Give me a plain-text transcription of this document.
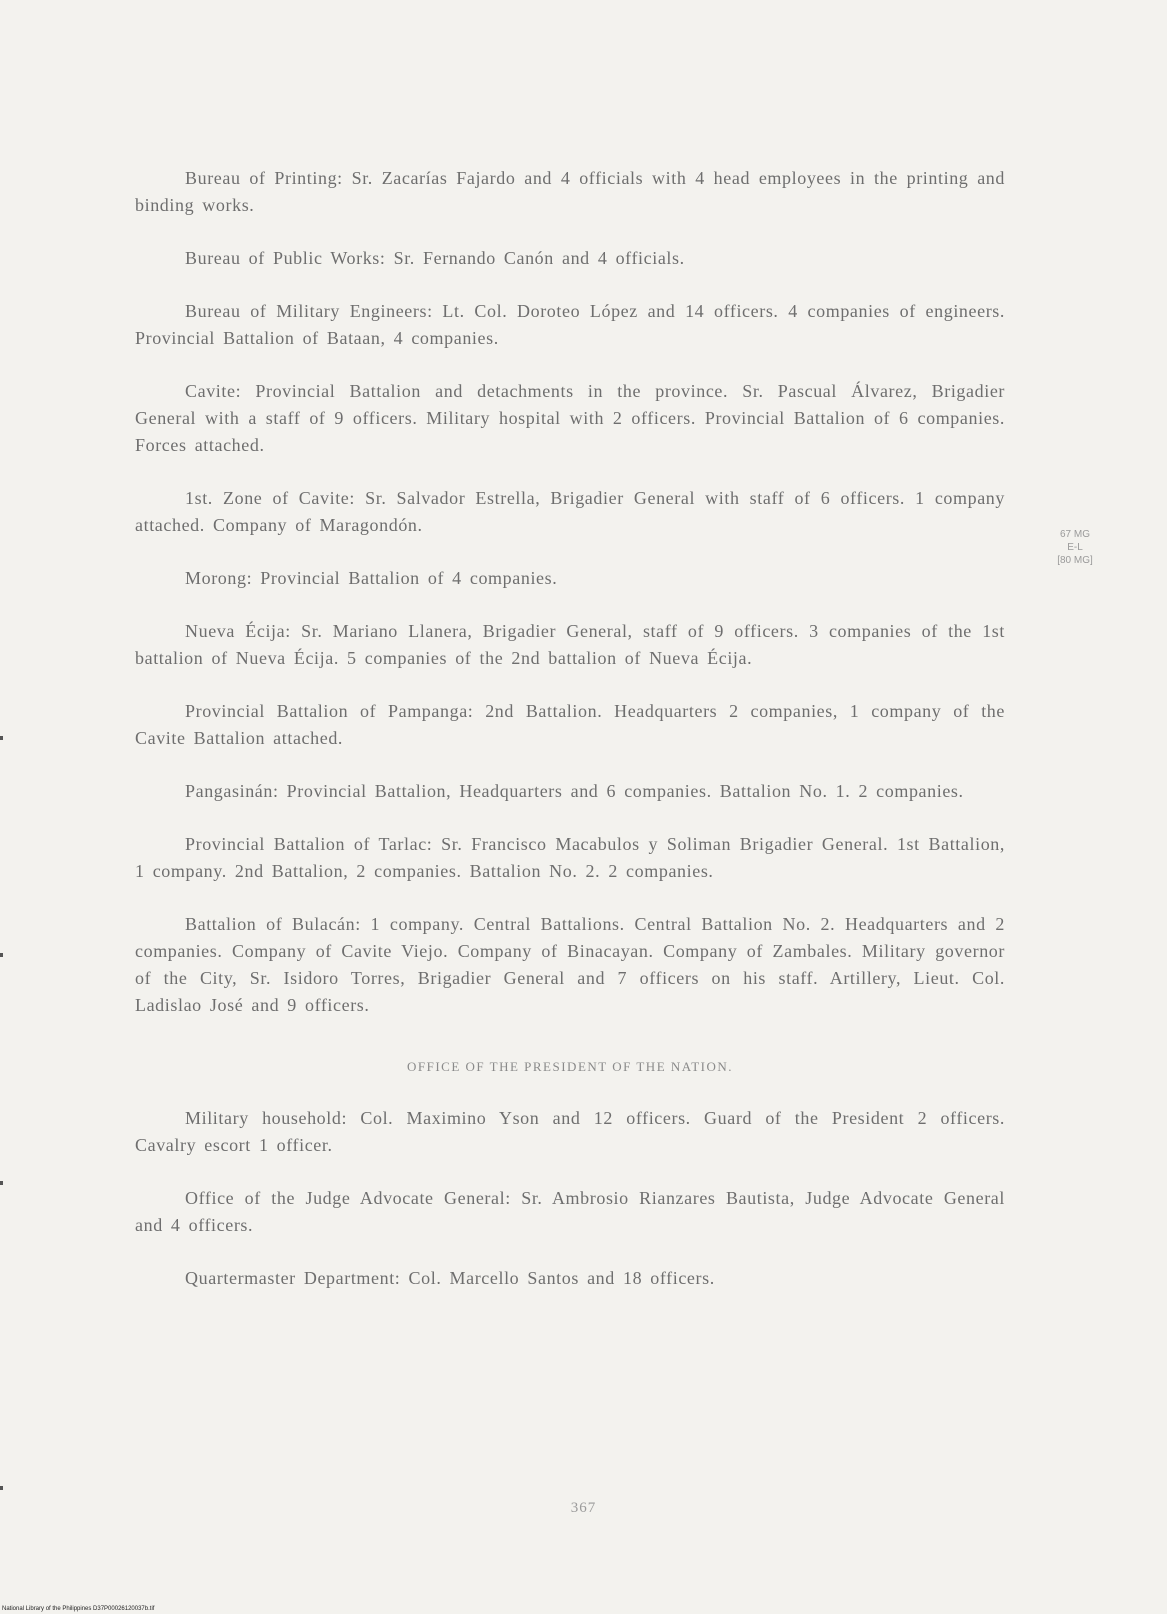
Bureau of Printing: Sr. Zacarías Fajardo and 4 officials with 4 head employees in the printing and binding works.

Bureau of Public Works: Sr. Fernando Canón and 4 officials.

Bureau of Military Engineers: Lt. Col. Doroteo López and 14 officers. 4 companies of engineers. Provincial Battalion of Bataan, 4 companies.

Cavite: Provincial Battalion and detachments in the province. Sr. Pascual Álvarez, Brigadier General with a staff of 9 officers. Military hospital with 2 officers. Provincial Battalion of 6 companies. Forces attached.

1st. Zone of Cavite: Sr. Salvador Estrella, Brigadier General with staff of 6 officers. 1 company attached. Company of Maragondón.

Morong: Provincial Battalion of 4 companies.

Nueva Écija: Sr. Mariano Llanera, Brigadier General, staff of 9 officers. 3 companies of the 1st battalion of Nueva Écija. 5 companies of the 2nd battalion of Nueva Écija.

Provincial Battalion of Pampanga: 2nd Battalion. Headquarters 2 companies, 1 company of the Cavite Battalion attached.

Pangasinán: Provincial Battalion, Headquarters and 6 companies. Battalion No. 1. 2 companies.

Provincial Battalion of Tarlac: Sr. Francisco Macabulos y Soliman Brigadier General. 1st Battalion, 1 company. 2nd Battalion, 2 companies. Battalion No. 2. 2 companies.

Battalion of Bulacán: 1 company. Central Battalions. Central Battalion No. 2. Headquarters and 2 companies. Company of Cavite Viejo. Company of Binacayan. Company of Zambales. Military governor of the City, Sr. Isidoro Torres, Brigadier General and 7 officers on his staff. Artillery, Lieut. Col. Ladislao José and 9 officers.

OFFICE OF THE PRESIDENT OF THE NATION.

Military household: Col. Maximino Yson and 12 officers. Guard of the President 2 officers. Cavalry escort 1 officer.

Office of the Judge Advocate General: Sr. Ambrosio Rianzares Bautista, Judge Advocate General and 4 officers.

Quartermaster Department: Col. Marcello Santos and 18 officers.

67 MG
E-L
[80 MG]
367
National Library of the Philippines D37P00026120037b.tif
